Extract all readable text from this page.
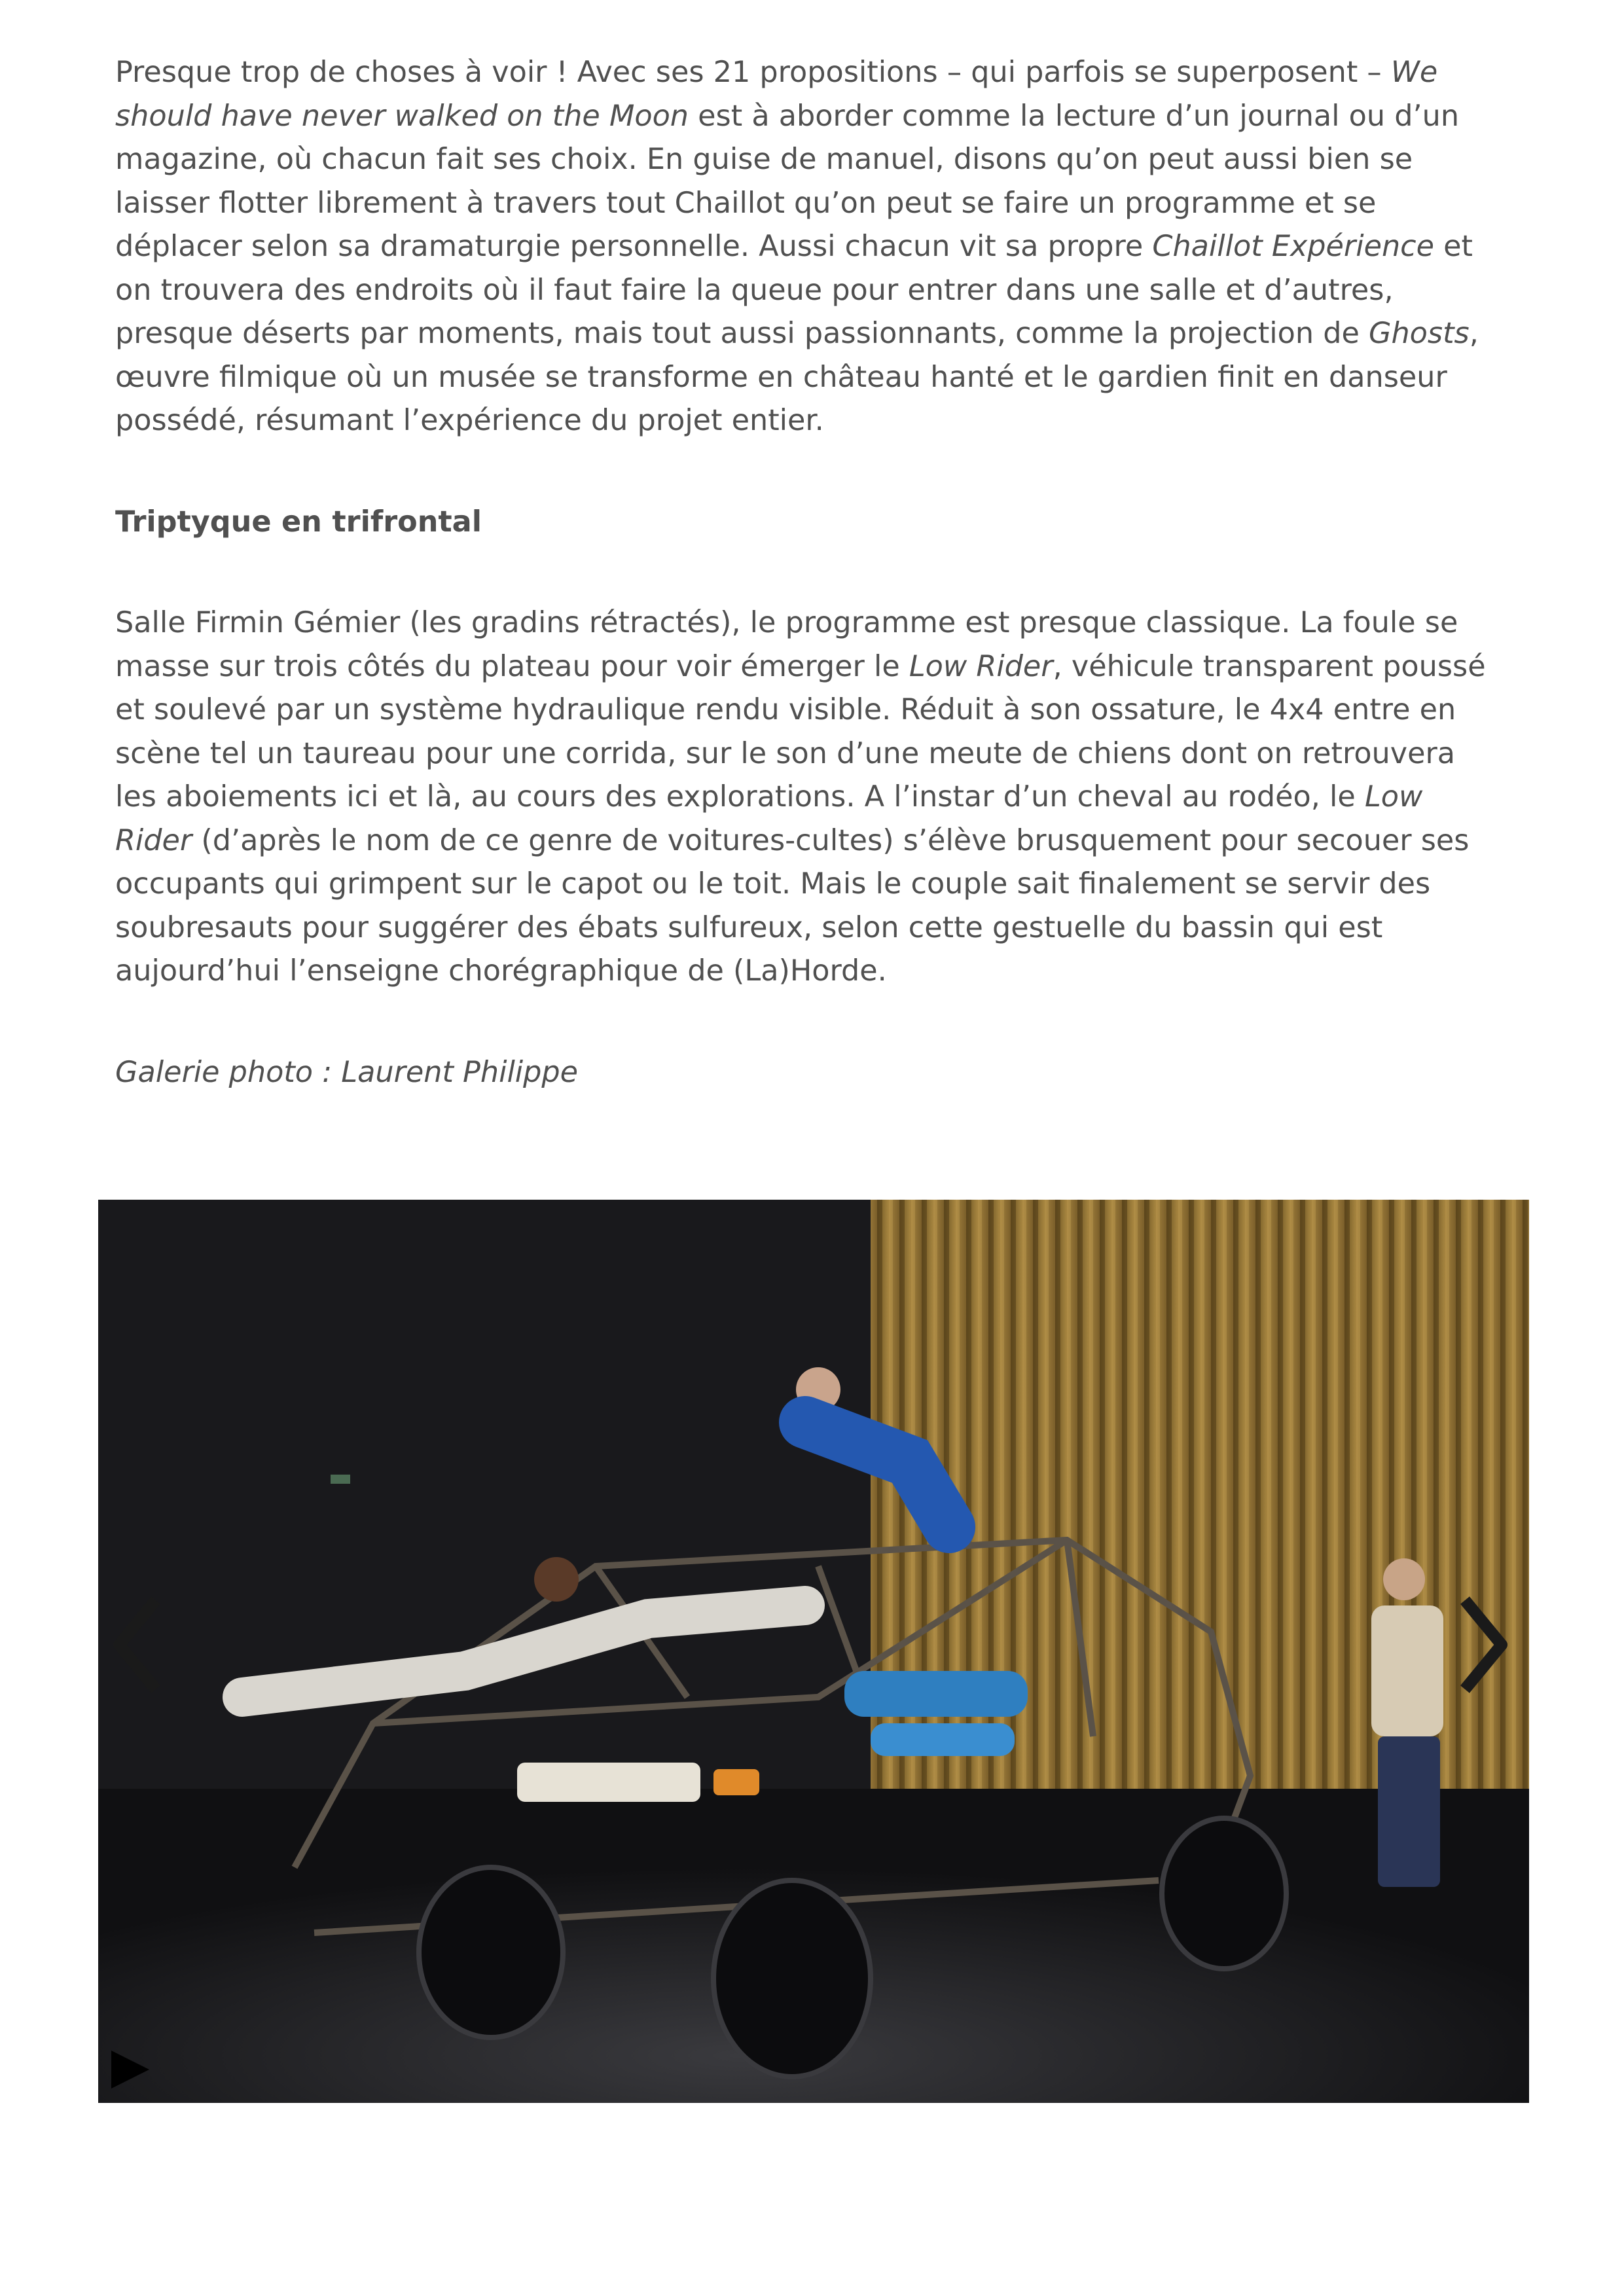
Presque trop de choses à voir ! Avec ses 21 propositions – qui parfois se superposent – We should have never walked on the Moon est à aborder comme la lecture d’un journal ou d’un magazine, où chacun fait ses choix. En guise de manuel, disons qu’on peut aussi bien se laisser flotter librement à travers tout Chaillot qu’on peut se faire un programme et se déplacer selon sa dramaturgie personnelle. Aussi chacun vit sa propre Chaillot Expérience et on trouvera des endroits où il faut faire la queue pour entrer dans une salle et d’autres, presque déserts par moments, mais tout aussi passionnants, comme la projection de Ghosts, œuvre filmique où un musée se transforme en château hanté et le gardien finit en danseur possédé, résumant l’expérience du projet entier.

Triptyque en trifrontal

Salle Firmin Gémier (les gradins rétractés), le programme est presque classique. La foule se masse sur trois côtés du plateau pour voir émerger le Low Rider, véhicule transparent poussé et soulevé par un système hydraulique rendu visible. Réduit à son ossature, le 4x4 entre en scène tel un taureau pour une corrida, sur le son d’une meute de chiens dont on retrouvera les aboiements ici et là, au cours des explorations. A l’instar d’un cheval au rodéo, le Low Rider (d’après le nom de ce genre de voitures-cultes) s’élève brusquement pour secouer ses occupants qui grimpent sur le capot ou le toit. Mais le couple sait finalement se servir des soubresauts pour suggérer des ébats sulfureux, selon cette gestuelle du bassin qui est aujourd’hui l’enseigne chorégraphique de (La)Horde.

Galerie photo : Laurent Philippe
